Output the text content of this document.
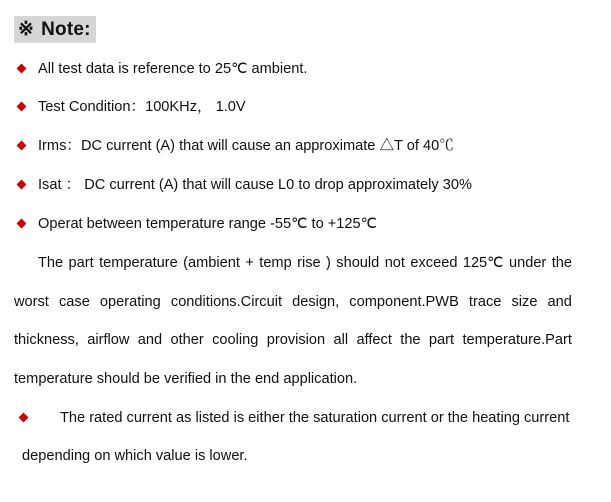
※ Note:
All test data is reference to 25℃ ambient.
Test Condition：100KHz， 1.0V
Irms：DC current (A) that will cause an approximate △T of 40℃
Isat ： DC current (A) that will cause L0 to drop approximately 30%
Operat between temperature range -55℃ to +125℃
The part temperature (ambient + temp rise ) should not exceed 125℃ under the
worst case operating conditions.Circuit design, component.PWB trace size and
thickness, airflow and other cooling provision all affect the part temperature.Part
temperature should be verified in the end application.
The rated current as listed is either the saturation current or the heating current
depending on which value is lower.
